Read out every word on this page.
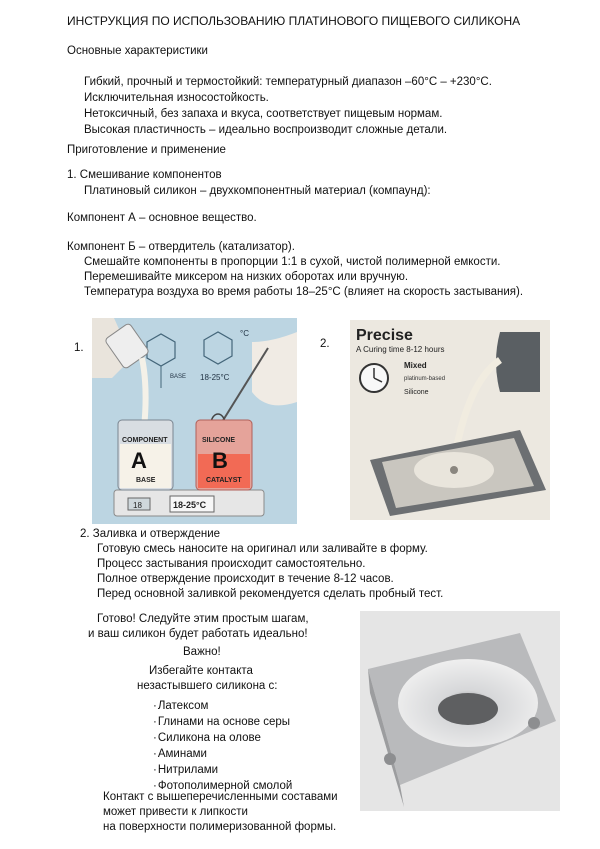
ИНСТРУКЦИЯ ПО ИСПОЛЬЗОВАНИЮ ПЛАТИНОВОГО ПИЩЕВОГО СИЛИКОНА
Основные характеристики
Гибкий, прочный и термостойкий: температурный диапазон –60°C – +230°C.
Исключительная износостойкость.
Нетоксичный, без запаха и вкуса, соответствует пищевым нормам.
Высокая пластичность – идеально воспроизводит сложные детали.
Приготовление и применение
1. Смешивание компонентов
Платиновый силикон – двухкомпонентный материал (компаунд):
Компонент А – основное вещество.
Компонент Б – отвердитель (катализатор).
Смешайте компоненты в пропорции 1:1 в сухой, чистой полимерной емкости.
Перемешивайте миксером на низких оборотах или вручную.
Температура воздуха во время работы 18–25°C (влияет на скорость застывания).
1.	2.
°C
BASE 18-25°C
18	18-25°C
COMPONENT
A
BASE
SILICONE
B
CATALYST
Precise
A Curing time 8-12 hours
Mixed
platinum-based
Silicone
2. Заливка и отверждение
Готовую смесь наносите на оригинал или заливайте в форму.
Процесс застывания происходит самостоятельно.
Полное отверждение происходит в течение 8-12 часов.
Перед основной заливкой рекомендуется сделать пробный тест.
Готово! Следуйте этим простым шагам,
и ваш силикон будет работать идеально!
Важно!
Избегайте контакта
незастывшего силикона с:
· Латексом
· Глинами на основе серы
· Силикона на олове
· Аминами
· Нитрилами
· Фотополимерной смолой
Контакт с вышеперечисленными составами
может привести к липкости
на поверхности полимеризованной формы.
